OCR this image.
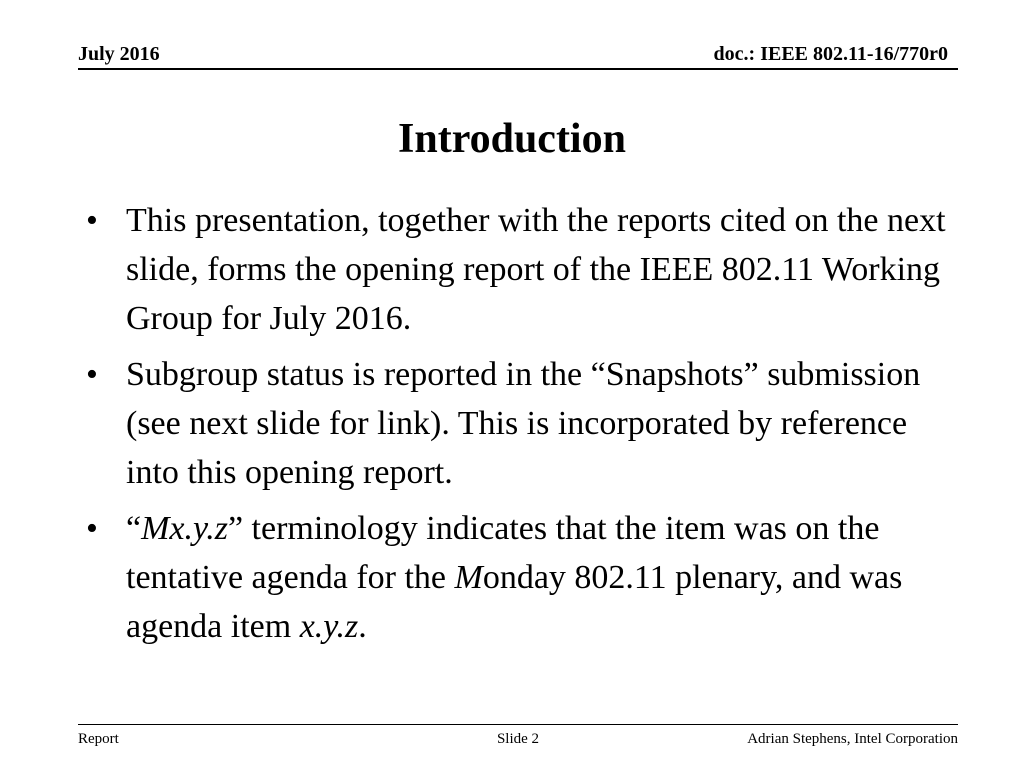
July 2016	doc.: IEEE 802.11-16/770r0
Introduction
• This presentation, together with the reports cited on the next slide, forms the opening report of the IEEE 802.11 Working Group for July 2016.
• Subgroup status is reported in the “Snapshots” submission (see next slide for link). This is incorporated by reference into this opening report.
• “Mx.y.z” terminology indicates that the item was on the tentative agenda for the Monday 802.11 plenary, and was agenda item x.y.z.
Report	Slide 2	Adrian Stephens, Intel Corporation
